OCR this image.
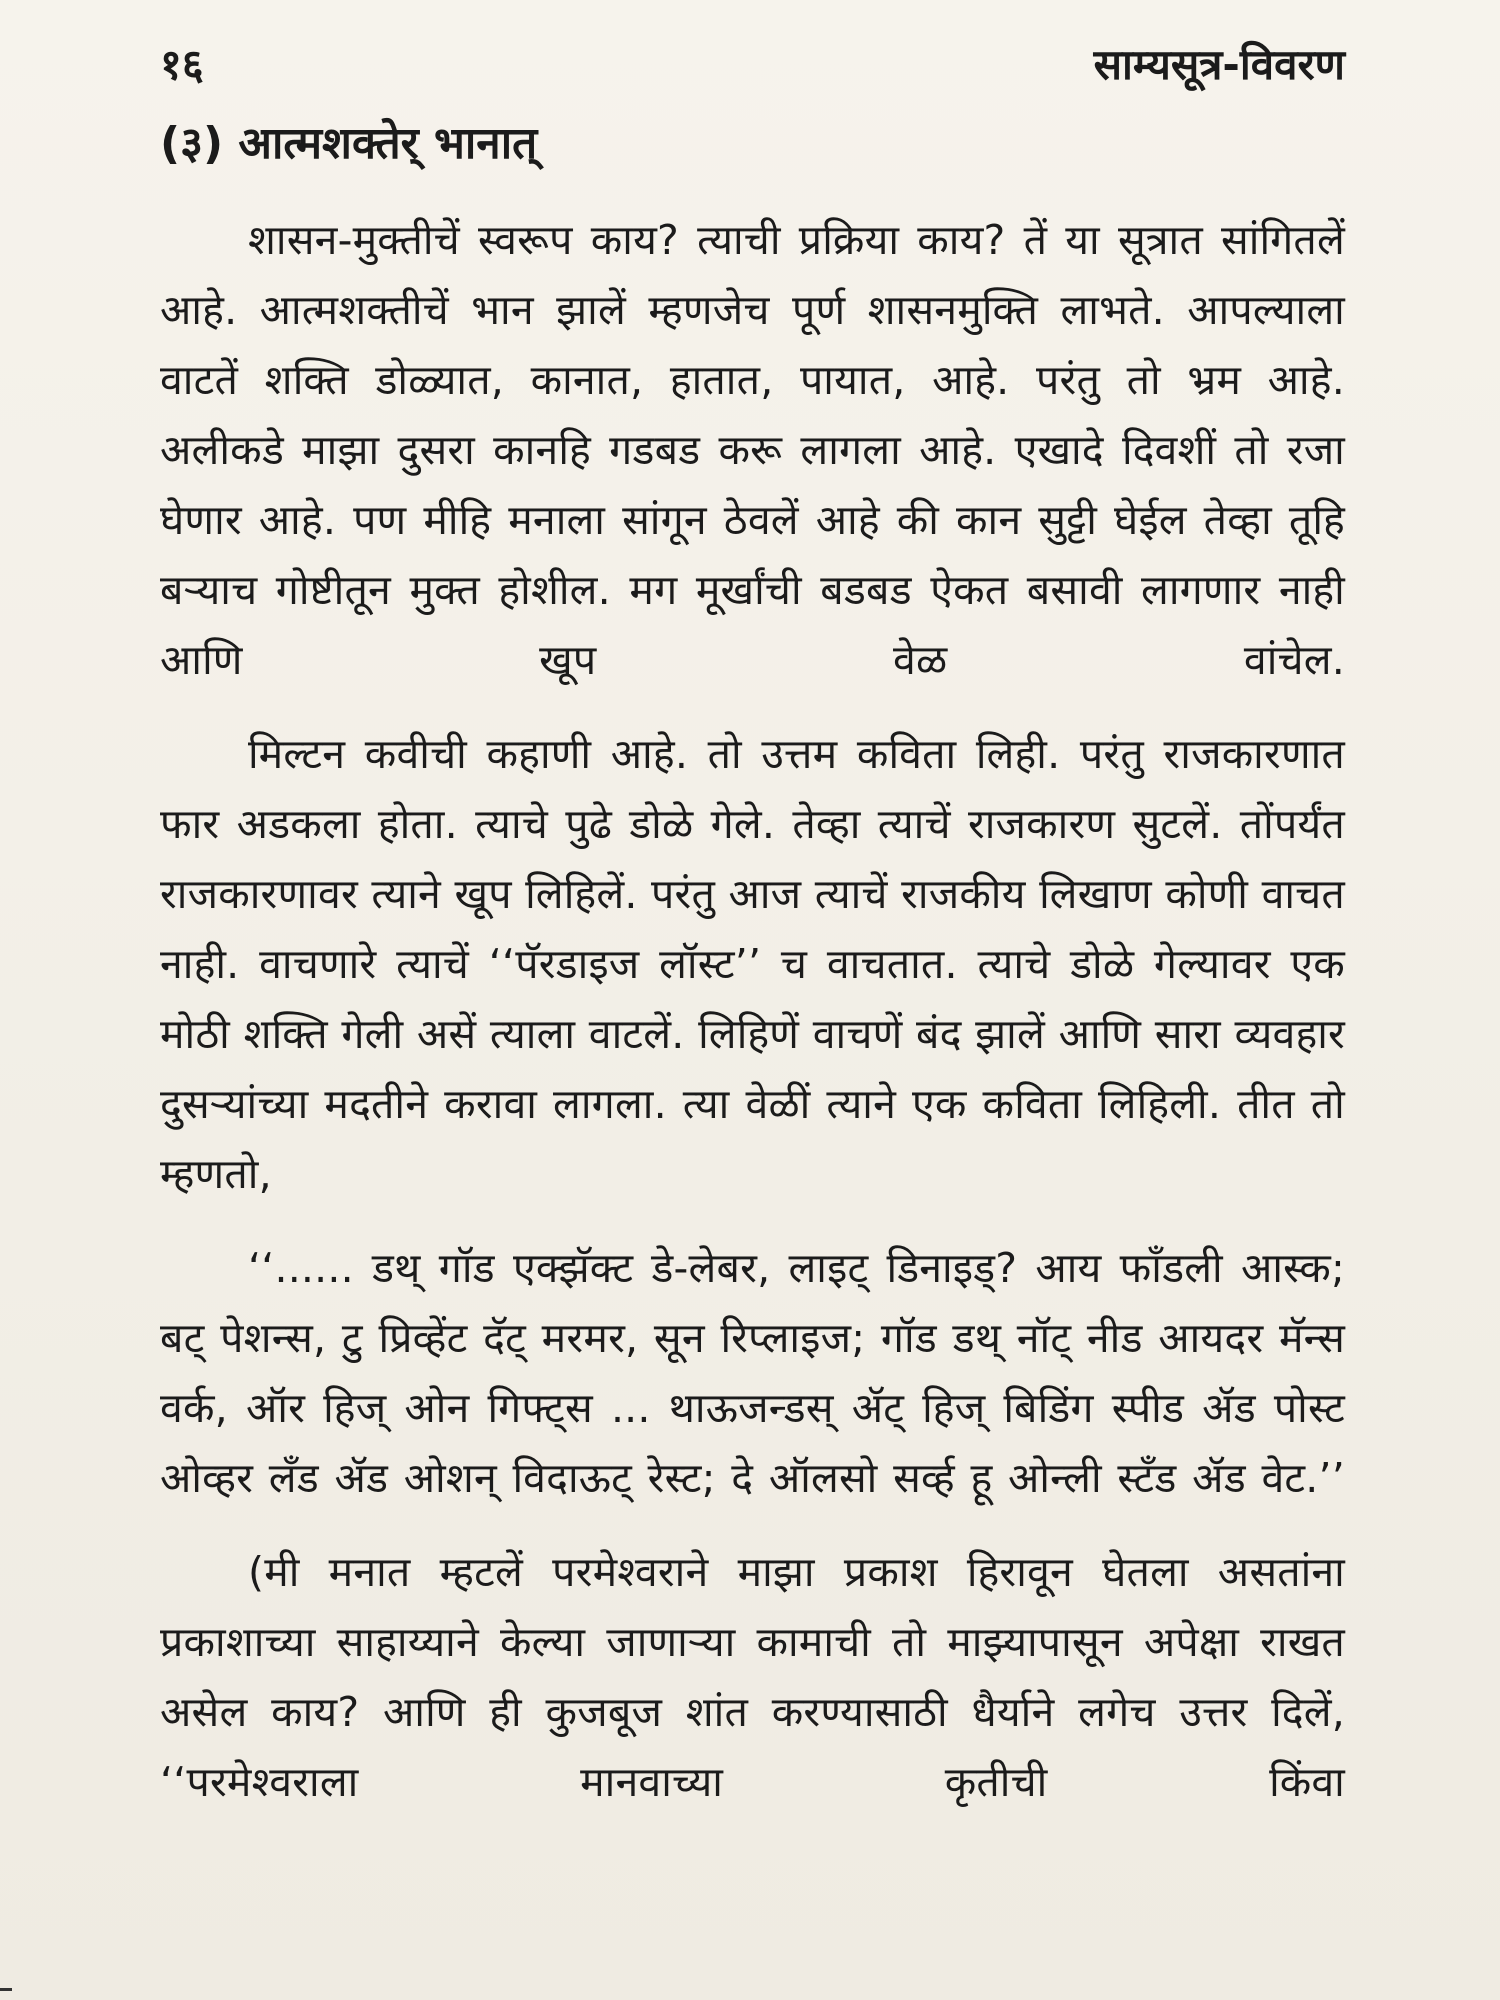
१६	साम्यसूत्र-विवरण
(३) आत्मशक्तेर् भानात्

शासन-मुक्तीचें स्वरूप काय? त्याची प्रक्रिया काय? तें या सूत्रात सांगितलें आहे. आत्मशक्तीचें भान झालें म्हणजेच पूर्ण शासनमुक्ति लाभते. आपल्याला वाटतें शक्ति डोळ्यात, कानात, हातात, पायात, आहे. परंतु तो भ्रम आहे. अलीकडे माझा दुसरा कानहि गडबड करू लागला आहे. एखादे दिवशीं तो रजा घेणार आहे. पण मीहि मनाला सांगून ठेवलें आहे की कान सुट्टी घेईल तेव्हा तूहि बऱ्याच गोष्टीतून मुक्त होशील. मग मूर्खांची बडबड ऐकत बसावी लागणार नाही आणि खूप वेळ वांचेल.

मिल्टन कवीची कहाणी आहे. तो उत्तम कविता लिही. परंतु राजकारणात फार अडकला होता. त्याचे पुढे डोळे गेले. तेव्हा त्याचें राजकारण सुटलें. तोंपर्यंत राजकारणावर त्याने खूप लिहिलें. परंतु आज त्याचें राजकीय लिखाण कोणी वाचत नाही. वाचणारे त्याचें ‘‘पॅरडाइज लॉस्ट’’ च वाचतात. त्याचे डोळे गेल्यावर एक मोठी शक्ति गेली असें त्याला वाटलें. लिहिणें वाचणें बंद झालें आणि सारा व्यवहार दुसऱ्यांच्या मदतीने करावा लागला. त्या वेळीं त्याने एक कविता लिहिली. तीत तो म्हणतो,

‘‘...... डथ् गॉड एक्झॅक्ट डे-लेबर, लाइट् डिनाइड्? आय फॉंडली आस्क; बट् पेशन्स, टु प्रिव्हेंट दॅट् मरमर, सून रिप्लाइज; गॉड डथ् नॉट् नीड आयदर मॅन्स वर्क, ऑर हिज् ओन गिफ्ट्स ... थाऊजन्डस् ॲट् हिज् बिडिंग स्पीड ॲड पोस्ट ओव्हर लॅंड ॲड ओशन् विदाऊट् रेस्ट; दे ऑलसो सर्व्ह हू ओन्ली स्टॅंड ॲड वेट.’’

(मी मनात म्हटलें परमेश्वराने माझा प्रकाश हिरावून घेतला असतांना प्रकाशाच्या साहाय्याने केल्या जाणाऱ्या कामाची तो माझ्यापासून अपेक्षा राखत असेल काय? आणि ही कुजबूज शांत करण्यासाठी धैर्याने लगेच उत्तर दिलें, ‘‘परमेश्वराला मानवाच्या कृतीची किंवा
